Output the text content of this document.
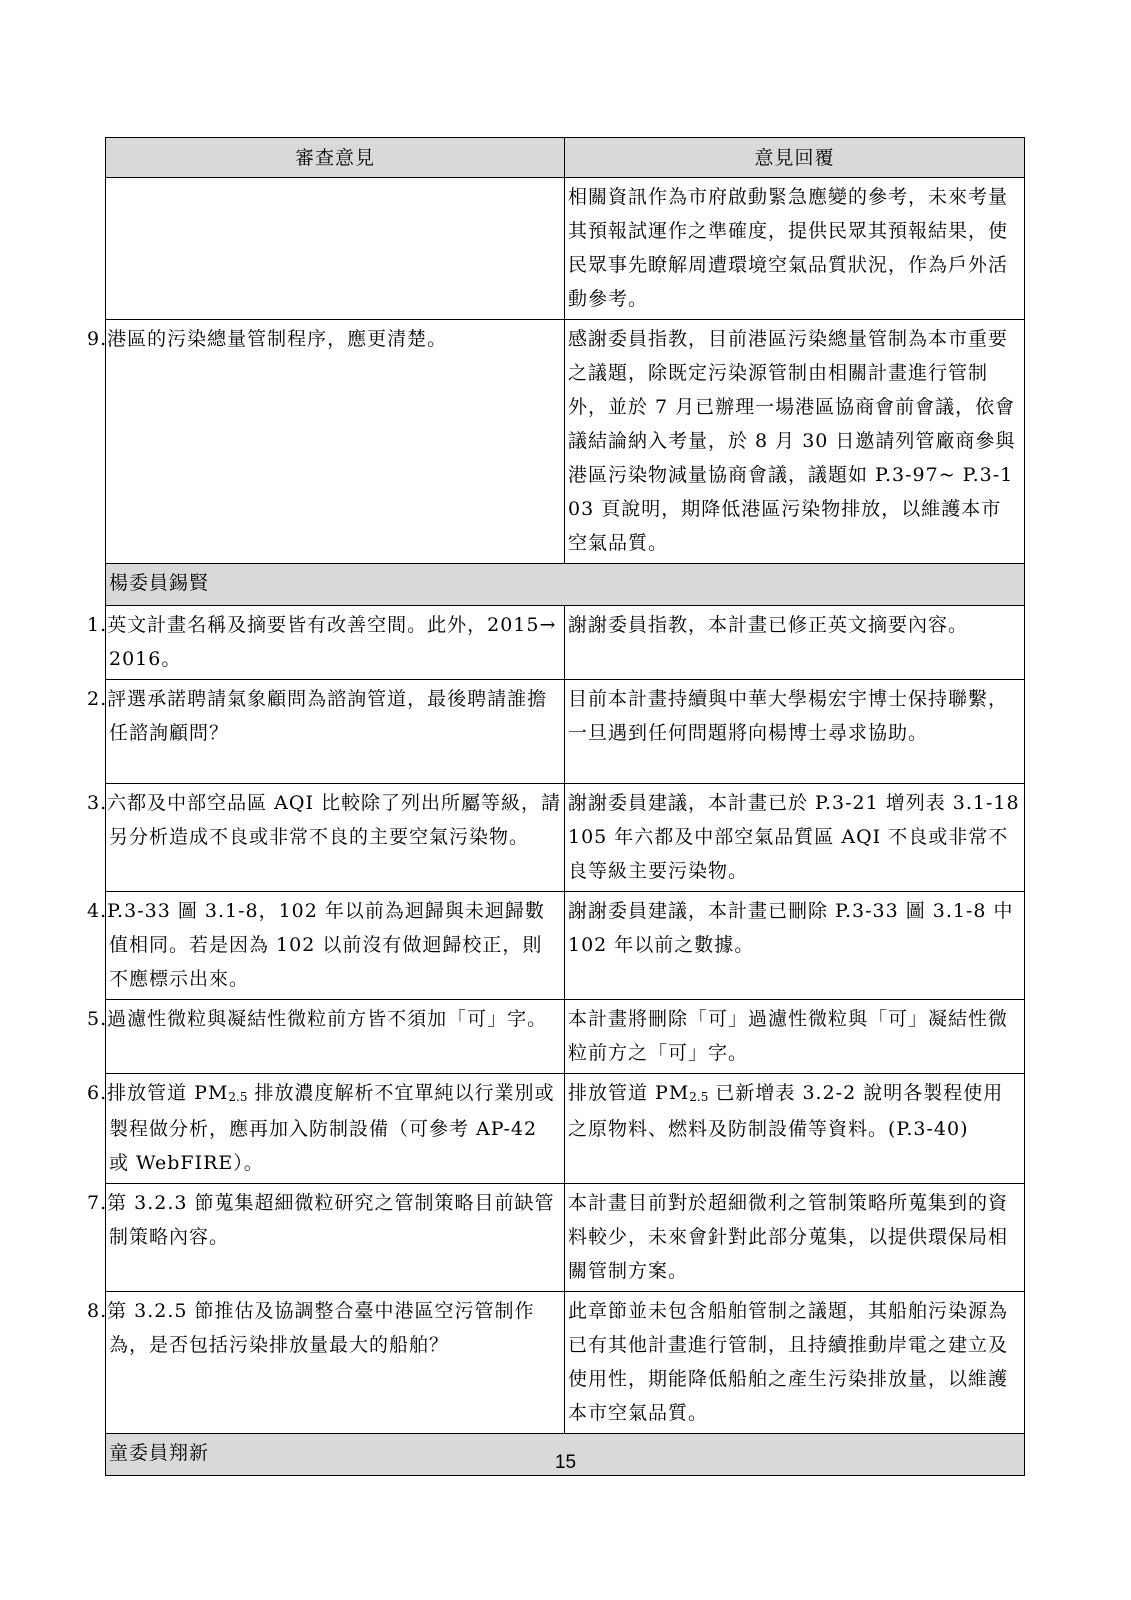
審查意見	意見回覆
	相關資訊作為市府啟動緊急應變的參考，未來考量其預報試運作之準確度，提供民眾其預報結果，使民眾事先瞭解周遭環境空氣品質狀況，作為戶外活動參考。
9.港區的污染總量管制程序，應更清楚。	感謝委員指教，目前港區污染總量管制為本市重要之議題，除既定污染源管制由相關計畫進行管制外，並於 7 月已辦理一場港區協商會前會議，依會議結論納入考量，於 8 月 30 日邀請列管廠商參與港區污染物減量協商會議，議題如 P.3-97~ P.3-103 頁說明，期降低港區污染物排放，以維護本市空氣品質。
楊委員錫賢	
1.英文計畫名稱及摘要皆有改善空間。此外，2015→2016。	謝謝委員指教，本計畫已修正英文摘要內容。
2.評選承諾聘請氣象顧問為諮詢管道，最後聘請誰擔任諮詢顧問？	目前本計畫持續與中華大學楊宏宇博士保持聯繫，一旦遇到任何問題將向楊博士尋求協助。
3.六都及中部空品區 AQI 比較除了列出所屬等級，請另分析造成不良或非常不良的主要空氣污染物。	謝謝委員建議，本計畫已於 P.3-21 增列表 3.1-18　105 年六都及中部空氣品質區 AQI 不良或非常不良等級主要污染物。
4.P.3-33 圖 3.1-8，102 年以前為迴歸與未迴歸數值相同。若是因為 102 以前沒有做迴歸校正，則不應標示出來。	謝謝委員建議，本計畫已刪除 P.3-33 圖 3.1-8 中 102 年以前之數據。
5.過濾性微粒與凝結性微粒前方皆不須加「可」字。	本計畫將刪除「可」過濾性微粒與「可」凝結性微粒前方之「可」字。
6.排放管道 $PM_{2.5}$ 排放濃度解析不宜單純以行業別或製程做分析，應再加入防制設備（可參考 AP-42 或 WebFIRE）。	排放管道 $PM_{2.5}$ 已新增表 3.2-2 說明各製程使用之原物料、燃料及防制設備等資料。(P.3-40)
7.第 3.2.3 節蒐集超細微粒研究之管制策略目前缺管制策略內容。	本計畫目前對於超細微利之管制策略所蒐集到的資料較少，未來會針對此部分蒐集，以提供環保局相關管制方案。
8.第 3.2.5 節推估及協調整合臺中港區空污管制作為，是否包括污染排放量最大的船舶？	此章節並未包含船舶管制之議題，其船舶污染源為已有其他計畫進行管制，且持續推動岸電之建立及使用性，期能降低船舶之產生污染排放量，以維護本市空氣品質。
童委員翔新		15
